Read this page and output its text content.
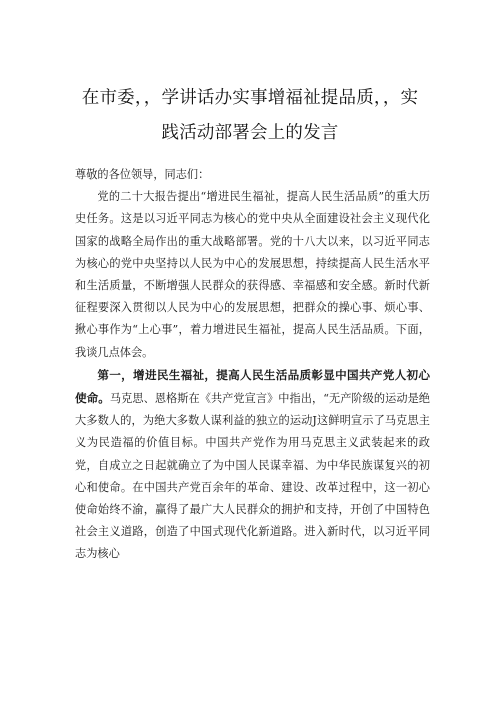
在市委，，学讲话办实事增福祉提品质，，实
践活动部署会上的发言

尊敬的各位领导，同志们：

党的二十大报告提出“增进民生福祉，提高人民生活品质”的重大历史任务。这是以习近平同志为核心的党中央从全面建设社会主义现代化国家的战略全局作出的重大战略部署。党的十八大以来，以习近平同志为核心的党中央坚持以人民为中心的发展思想，持续提高人民生活水平和生活质量，不断增强人民群众的获得感、幸福感和安全感。新时代新征程要深入贯彻以人民为中心的发展思想，把群众的操心事、烦心事、揪心事作为“上心事”，着力增进民生福祉，提高人民生活品质。下面，我谈几点体会。

第一，增进民生福祉，提高人民生活品质彰显中国共产党人初心使命。马克思、恩格斯在《共产党宣言》中指出，“无产阶级的运动是绝大多数人的，为绝大多数人谋利益的独立的运动J这鲜明宣示了马克思主义为民造福的价值目标。中国共产党作为用马克思主义武装起来的政党，自成立之日起就确立了为中国人民谋幸福、为中华民族谋复兴的初心和使命。在中国共产党百余年的革命、建设、改革过程中，这一初心使命始终不渝，赢得了最广大人民群众的拥护和支持，开创了中国特色社会主义道路，创造了中国式现代化新道路。进入新时代，以习近平同志为核心
